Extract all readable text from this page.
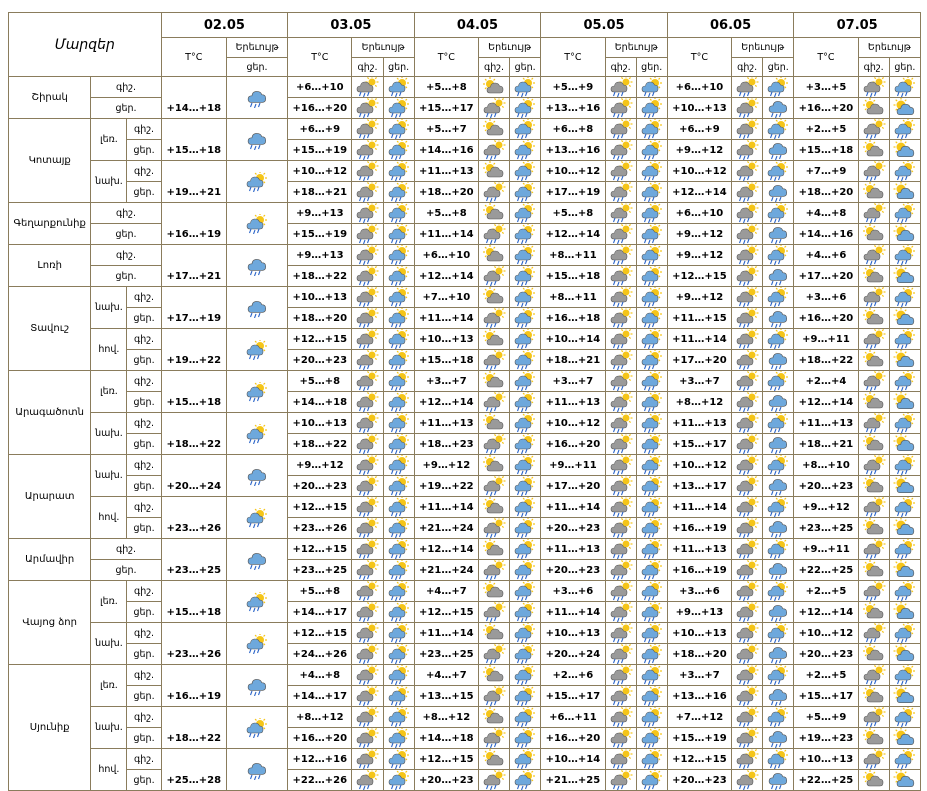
Մարզեր			02.05		03.05			04.05			05.05			06.05			07.05		
			T°C	Երեւույթ	T°C	Երեւույթ		T°C	Երեւույթ		T°C	Երեւույթ		T°C	Երեւույթ		T°C	Երեւույթ	
				ցեր.		գիշ.	ցեր.		գիշ.	ցեր.		գիշ.	ցեր.		գիշ.	ցեր.		գիշ.	ցեր.
Շիրակ	գիշ.		+14…+18		+6…+10			+5…+8			+5…+9			+6…+10			+3…+5	

	ցեր.				+16…+20			+15…+17			+13…+16			+10…+13			+16…+20	

Կոտայք	լեռ.	գիշ.	+15…+18		+6…+9			+5…+7			+6…+8			+6…+9			+2…+5	

		ցեր.			+15…+19			+14…+16			+13…+16			+9…+12			+15…+18	

	նախ.	գիշ.	+19…+21		+10…+12			+11…+13			+10…+12			+10…+12			+7…+9	

		ցեր.			+18…+21			+18…+20			+17…+19			+12…+14			+18…+20	

Գեղարքունիք	գիշ.		+16…+19		+9…+13			+5…+8			+5…+8			+6…+10			+4…+8	

	ցեր.				+15…+19			+11…+14			+12…+14			+9…+12			+14…+16	

Լոռի	գիշ.		+17…+21		+9…+13			+6…+10			+8…+11			+9…+12			+4…+6	

	ցեր.				+18…+22			+12…+14			+15…+18			+12…+15			+17…+20	

Տավուշ	նախ.	գիշ.	+17…+19		+10…+13			+7…+10			+8…+11			+9…+12			+3…+6	

		ցեր.			+18…+20			+11…+14			+16…+18			+11…+15			+16…+20	

	հով.	գիշ.	+19…+22		+12…+15			+10…+13			+10…+14			+11…+14			+9…+11	

		ցեր.			+20…+23			+15…+18			+18…+21			+17…+20			+18…+22	

Արագածոտն	լեռ.	գիշ.	+15…+18		+5…+8			+3…+7			+3…+7			+3…+7			+2…+4	

		ցեր.			+14…+18			+12…+14			+11…+13			+8…+12			+12…+14	

	նախ.	գիշ.	+18…+22		+10…+13			+11…+13			+10…+12			+11…+13			+11…+13	

		ցեր.			+18…+22			+18…+23			+16…+20			+15…+17			+18…+21	

Արարատ	նախ.	գիշ.	+20…+24		+9…+12			+9…+12			+9…+11			+10…+12			+8…+10	

		ցեր.			+20…+23			+19…+22			+17…+20			+13…+17			+20…+23	

	հով.	գիշ.	+23…+26		+12…+15			+11…+14			+11…+14			+11…+14			+9…+12	

		ցեր.			+23…+26			+21…+24			+20…+23			+16…+19			+23…+25	

Արմավիր	գիշ.		+23…+25		+12…+15			+12…+14			+11…+13			+11…+13			+9…+11	

	ցեր.				+23…+25			+21…+24			+20…+23			+16…+19			+22…+25	

Վայոց ձոր	լեռ.	գիշ.	+15…+18		+5…+8			+4…+7			+3…+6			+3…+6			+2…+5	

		ցեր.			+14…+17			+12…+15			+11…+14			+9…+13			+12…+14	

	նախ.	գիշ.	+23…+26		+12…+15			+11…+14			+10…+13			+10…+13			+10…+12	

		ցեր.			+24…+26			+23…+25			+20…+24			+18…+20			+20…+23	

Սյունիք	լեռ.	գիշ.	+16…+19		+4…+8			+4…+7			+2…+6			+3…+7			+2…+5	

		ցեր.			+14…+17			+13…+15			+15…+17			+13…+16			+15…+17	

	նախ.	գիշ.	+18…+22		+8…+12			+8…+12			+6…+11			+7…+12			+5…+9	

		ցեր.			+16…+20			+14…+18			+16…+20			+15…+19			+19…+23	

	հով.	գիշ.	+25…+28		+12…+16			+12…+15			+10…+14			+12…+15			+10…+13	

		ցեր.			+22…+26			+20…+23			+21…+25			+20…+23			+22…+25	
